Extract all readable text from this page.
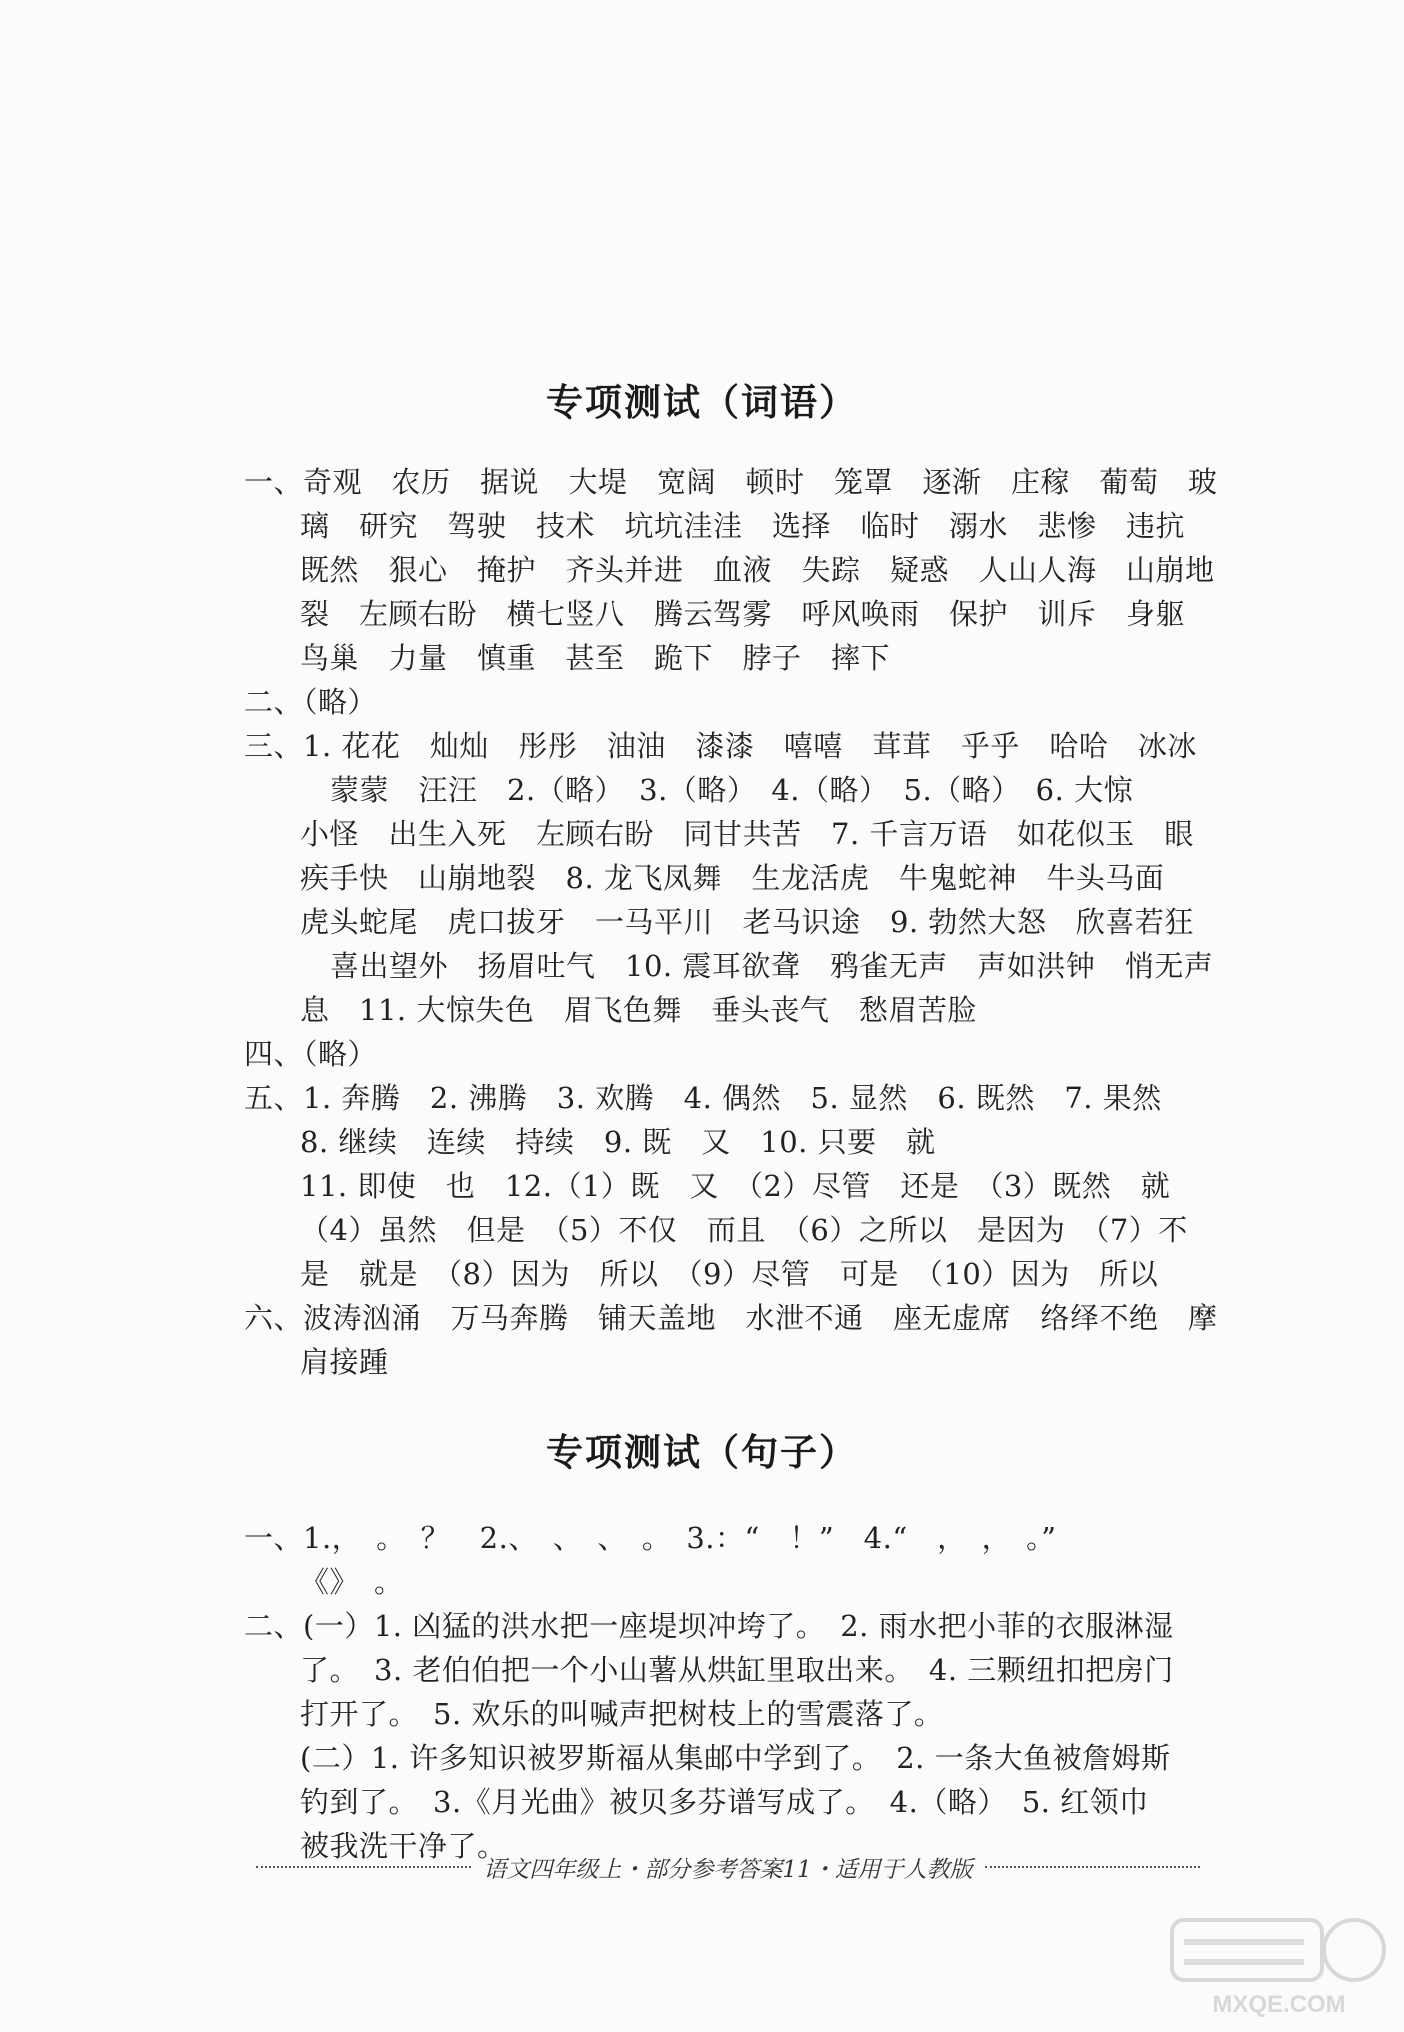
专项测试（词语）
一、奇观　农历　据说　大堤　宽阔　顿时　笼罩　逐渐　庄稼　葡萄　玻
璃　研究　驾驶　技术　坑坑洼洼　选择　临时　溺水　悲惨　违抗
既然　狠心　掩护　齐头并进　血液　失踪　疑惑　人山人海　山崩地
裂　左顾右盼　横七竖八　腾云驾雾　呼风唤雨　保护　训斥　身躯
鸟巢　力量　慎重　甚至　跪下　脖子　摔下
二、（略）
三、1. 花花　灿灿　彤彤　油油　漆漆　嘻嘻　茸茸　乎乎　哈哈　冰冰
蒙蒙　汪汪　2.（略）　3.（略）　4.（略）　5.（略）　6. 大惊
小怪　出生入死　左顾右盼　同甘共苦　7. 千言万语　如花似玉　眼
疾手快　山崩地裂　8. 龙飞凤舞　生龙活虎　牛鬼蛇神　牛头马面
虎头蛇尾　虎口拔牙　一马平川　老马识途　9. 勃然大怒　欣喜若狂
喜出望外　扬眉吐气　10. 震耳欲聋　鸦雀无声　声如洪钟　悄无声
息　11. 大惊失色　眉飞色舞　垂头丧气　愁眉苦脸
四、（略）
五、1. 奔腾　2. 沸腾　3. 欢腾　4. 偶然　5. 显然　6. 既然　7. 果然
8. 继续　连续　持续　9. 既　又　10. 只要　就
11. 即使　也　12.（1）既　又　（2）尽管　还是　（3）既然　就
（4）虽然　但是　（5）不仅　而且　（6）之所以　是因为　（7）不
是　就是　（8）因为　所以　（9）尽管　可是　（10）因为　所以
六、波涛汹涌　万马奔腾　铺天盖地　水泄不通　座无虚席　络绎不绝　摩
肩接踵
专项测试（句子）
一、1.，　。　？　2.、　、　、　。　3.：“　！”　4.“　，　，　。”
《》　。
二、(一）1. 凶猛的洪水把一座堤坝冲垮了。　2. 雨水把小菲的衣服淋湿
了。　3. 老伯伯把一个小山薯从烘缸里取出来。　4. 三颗纽扣把房门
打开了。　5. 欢乐的叫喊声把树枝上的雪震落了。
(二）1. 许多知识被罗斯福从集邮中学到了。　2. 一条大鱼被詹姆斯
钓到了。　3.《月光曲》被贝多芬谱写成了。　4.（略）　5. 红领巾
被我洗干净了。
语文四年级上・部分参考答案11・适用于人教版
MXQE.COM
